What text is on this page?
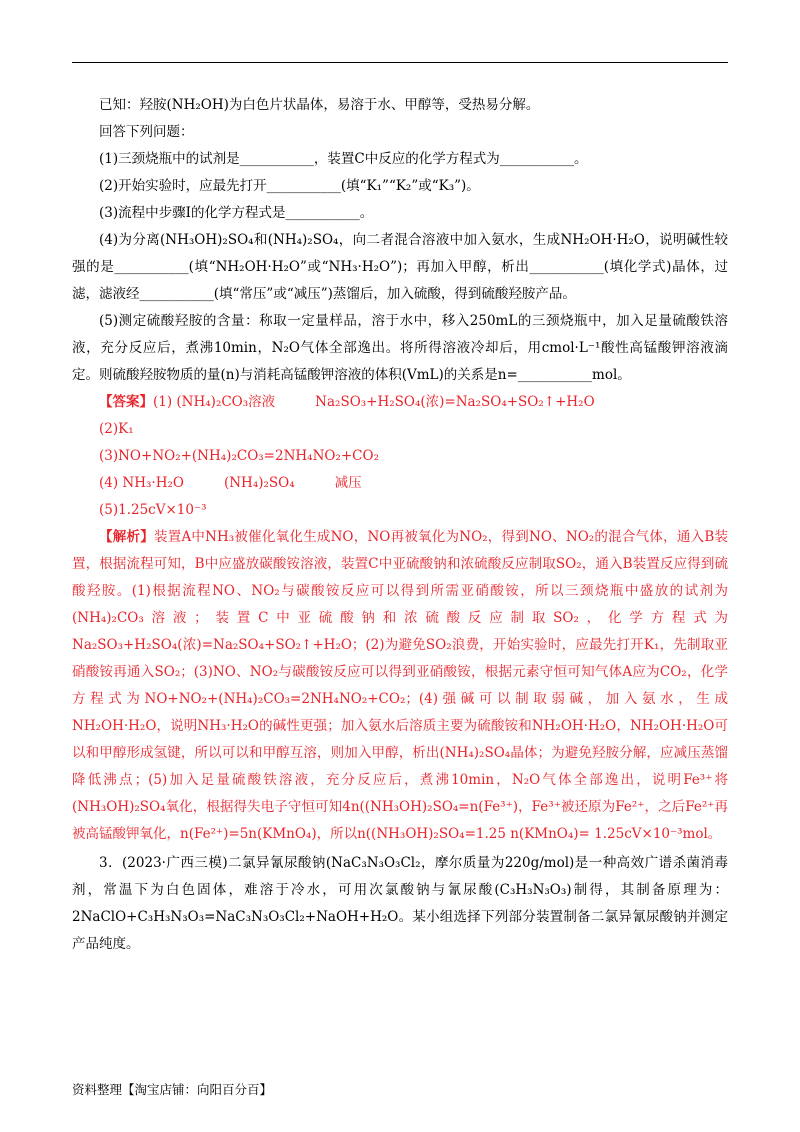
已知：羟胺(NH₂OH)为白色片状晶体，易溶于水、甲醇等，受热易分解。

回答下列问题：

(1)三颈烧瓶中的试剂是___________，装置C中反应的化学方程式为___________。

(2)开始实验时，应最先打开___________(填“K₁”“K₂”或“K₃”)。

(3)流程中步骤I的化学方程式是___________。

(4)为分离(NH₃OH)₂SO₄和(NH₄)₂SO₄，向二者混合溶液中加入氨水，生成NH₂OH·H₂O，说明碱性较强的是___________(填“NH₂OH·H₂O”或“NH₃·H₂O”)；再加入甲醇，析出___________(填化学式)晶体，过滤，滤液经___________(填“常压”或“减压”)蒸馏后，加入硫酸，得到硫酸羟胺产品。

(5)测定硫酸羟胺的含量：称取一定量样品，溶于水中，移入250mL的三颈烧瓶中，加入足量硫酸铁溶液，充分反应后，煮沸10min，N₂O气体全部逸出。将所得溶液冷却后，用cmol·L⁻¹酸性高锰酸钾溶液滴定。则硫酸羟胺物质的量(n)与消耗高锰酸钾溶液的体积(VmL)的关系是n=___________mol。

【答案】(1) (NH₄)₂CO₃溶液	Na₂SO₃+H₂SO₄(浓)=Na₂SO₄+SO₂↑+H₂O

(2)K₁

(3)NO+NO₂+(NH₄)₂CO₃=2NH₄NO₂+CO₂

(4) NH₃·H₂O	(NH₄)₂SO₄	减压

(5)1.25cV×10⁻³

【解析】装置A中NH₃被催化氧化生成NO，NO再被氧化为NO₂，得到NO、NO₂的混合气体，通入B装置，根据流程可知，B中应盛放碳酸铵溶液，装置C中亚硫酸钠和浓硫酸反应制取SO₂，通入B装置反应得到硫酸羟胺。(1)根据流程NO、NO₂与碳酸铵反应可以得到所需亚硝酸铵，所以三颈烧瓶中盛放的试剂为(NH₄)₂CO₃溶液；装置C中亚硫酸钠和浓硫酸反应制取SO₂，化学方程式为Na₂SO₃+H₂SO₄(浓)=Na₂SO₄+SO₂↑+H₂O；(2)为避免SO₂浪费，开始实验时，应最先打开K₁，先制取亚硝酸铵再通入SO₂；(3)NO、NO₂与碳酸铵反应可以得到亚硝酸铵，根据元素守恒可知气体A应为CO₂，化学方程式为NO+NO₂+(NH₄)₂CO₃=2NH₄NO₂+CO₂；(4)强碱可以制取弱碱，加入氨水，生成NH₂OH·H₂O，说明NH₃·H₂O的碱性更强；加入氨水后溶质主要为硫酸铵和NH₂OH·H₂O，NH₂OH·H₂O可以和甲醇形成氢键，所以可以和甲醇互溶，则加入甲醇，析出(NH₄)₂SO₄晶体；为避免羟胺分解，应减压蒸馏降低沸点；(5)加入足量硫酸铁溶液，充分反应后，煮沸10min，N₂O气体全部逸出，说明Fe³⁺将(NH₃OH)₂SO₄氧化，根据得失电子守恒可知4n((NH₃OH)₂SO₄=n(Fe³⁺)，Fe³⁺被还原为Fe²⁺，之后Fe²⁺再被高锰酸钾氧化，n(Fe²⁺)=5n(KMnO₄)，所以n((NH₃OH)₂SO₄=1.25 n(KMnO₄)= 1.25cV×10⁻³mol。

3．(2023·广西三模)二氯异氰尿酸钠(NaC₃N₃O₃Cl₂，摩尔质量为220g/mol)是一种高效广谱杀菌消毒剂，常温下为白色固体，难溶于冷水，可用次氯酸钠与氰尿酸(C₃H₃N₃O₃)制得，其制备原理为：2NaClO+C₃H₃N₃O₃=NaC₃N₃O₃Cl₂+NaOH+H₂O。某小组选择下列部分装置制备二氯异氰尿酸钠并测定产品纯度。

资料整理【淘宝店铺：向阳百分百】
